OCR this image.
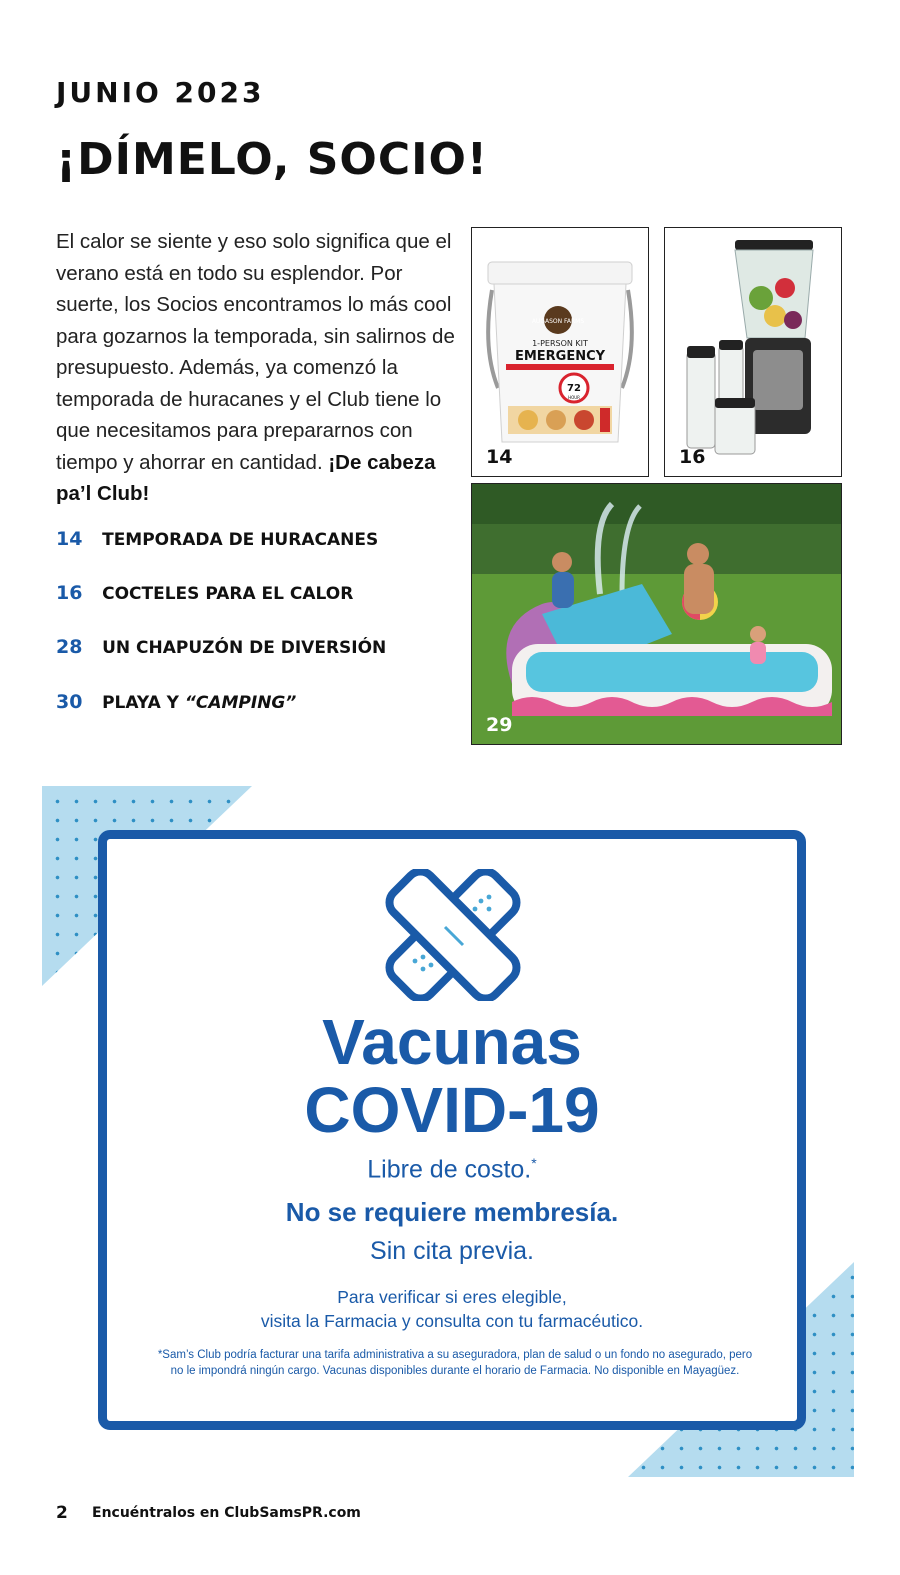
JUNIO 2023
¡DÍMELO, SOCIO!
El calor se siente y eso solo significa que el verano está en todo su esplendor. Por suerte, los Socios encontramos lo más cool para gozarnos la temporada, sin salirnos de presupuesto. Además, ya comenzó la temporada de huracanes y el Club tiene lo que necesitamos para prepararnos con tiempo y ahorrar en cantidad. ¡De cabeza pa’l Club!
14 TEMPORADA DE HURACANES
16 COCTELES PARA EL CALOR
28 UN CHAPUZÓN DE DIVERSIÓN
30 PLAYA Y “CAMPING”
AUGASON FARMS
1-PERSON KIT
EMERGENCY
72
HOUR
14	16
29
Vacunas
COVID-19
Libre de costo.*
No se requiere membresía.
Sin cita previa.
Para verificar si eres elegible,
visita la Farmacia y consulta con tu farmacéutico.
*Sam’s Club podría facturar una tarifa administrativa a su aseguradora, plan de salud o un fondo no asegurado, pero no le impondrá ningún cargo. Vacunas disponibles durante el horario de Farmacia. No disponible en Mayagüez.
2 Encuéntralos en ClubSamsPR.com
